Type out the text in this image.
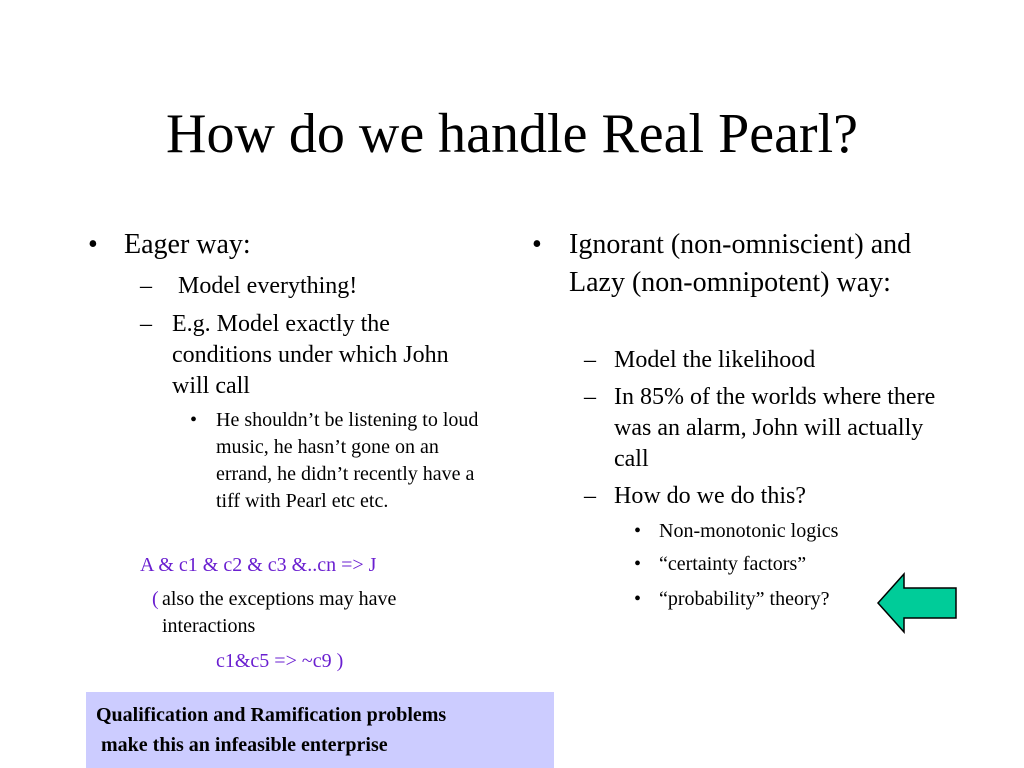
How do we handle Real Pearl?
• Eager way:
– Model everything!
– E.g. Model exactly the conditions under which John will call
• He shouldn’t be listening to loud music, he hasn’t gone on an errand, he didn’t recently have a tiff with Pearl etc etc.
A & c1 & c2 & c3 &..cn => J
( also the exceptions may have interactions
c1&c5 => ~c9 )
• Ignorant (non-omniscient) and Lazy (non-omnipotent) way:
– Model the likelihood
– In 85% of the worlds where there was an alarm, John will actually call
– How do we do this?
• Non-monotonic logics
• “certainty factors”
• “probability” theory?
Qualification and Ramification problems
make this an infeasible enterprise
